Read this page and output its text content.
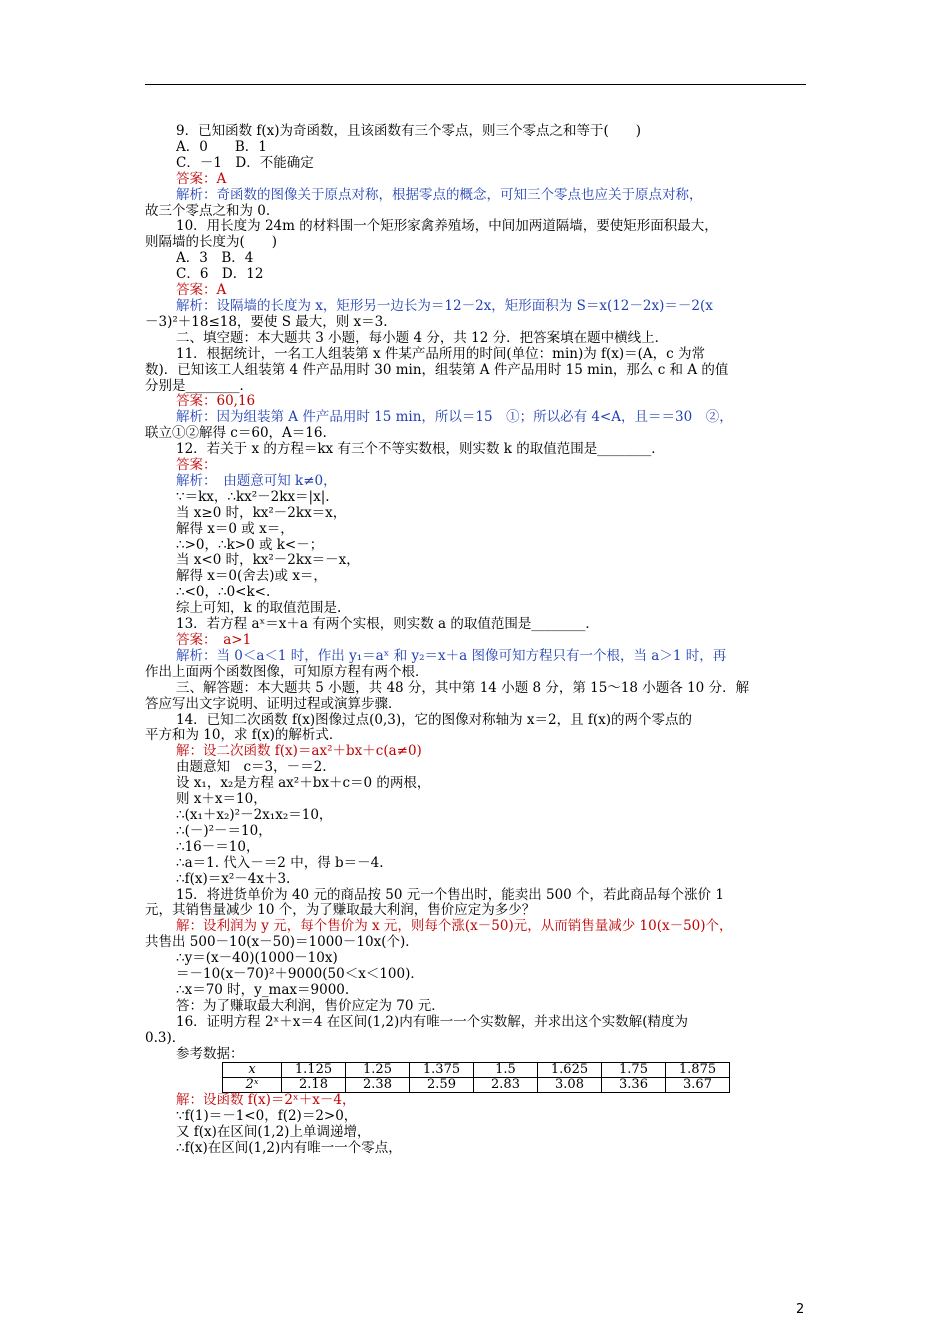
9．已知函数 f(x)为奇函数，且该函数有三个零点，则三个零点之和等于(　　)
A．0　　B．1
C．－1　D．不能确定
答案：A
解析：奇函数的图像关于原点对称，根据零点的概念，可知三个零点也应关于原点对称，
故三个零点之和为 0.
10．用长度为 24m 的材料围一个矩形家禽养殖场，中间加两道隔墙，要使矩形面积最大，
则隔墙的长度为(　　)
A．3　B．4
C．6　D．12
答案：A
解析：设隔墙的长度为 x，矩形另一边长为＝12－2x，矩形面积为 S＝x(12－2x)＝－2(x
－3)²＋18≤18，要使 S 最大，则 x＝3.
二、填空题：本大题共 3 小题，每小题 4 分，共 12 分．把答案填在题中横线上．
11．根据统计，一名工人组装第 x 件某产品所用的时间(单位：min)为 f(x)＝(A，c 为常
数)．已知该工人组装第 4 件产品用时 30 min，组装第 A 件产品用时 15 min，那么 c 和 A 的值
分别是________．
答案：60,16
解析：因为组装第 A 件产品用时 15 min，所以＝15　①；所以必有 4<A，且＝＝30　②，
联立①②解得 c＝60，A＝16.
12．若关于 x 的方程＝kx 有三个不等实数根，则实数 k 的取值范围是________．
答案：
解析：　由题意可知 k≠0，
∵＝kx，∴kx²－2kx＝|x|.
当 x≥0 时，kx²－2kx＝x，
解得 x＝0 或 x＝，
∴>0，∴k>0 或 k<－；
当 x<0 时，kx²－2kx＝－x，
解得 x＝0(舍去)或 x＝，
∴<0，∴0<k<.
综上可知，k 的取值范围是.
13．若方程 aˣ＝x＋a 有两个实根，则实数 a 的取值范围是________．
答案：　a>1
解析：当 0＜a＜1 时，作出 y₁＝aˣ 和 y₂＝x＋a 图像可知方程只有一个根，当 a＞1 时，再
作出上面两个函数图像，可知原方程有两个根．
三、解答题：本大题共 5 小题，共 48 分，其中第 14 小题 8 分，第 15～18 小题各 10 分．解
答应写出文字说明、证明过程或演算步骤．
14．已知二次函数 f(x)图像过点(0,3)，它的图像对称轴为 x＝2，且 f(x)的两个零点的
平方和为 10，求 f(x)的解析式．
解：设二次函数 f(x)＝ax²＋bx＋c(a≠0)
由题意知　c＝3，－＝2.
设 x₁，x₂是方程 ax²＋bx＋c＝0 的两根，
则 x＋x＝10，
∴(x₁＋x₂)²－2x₁x₂＝10，
∴(－)²－＝10，
∴16－＝10，
∴a＝1. 代入－＝2 中，得 b＝－4.
∴f(x)＝x²－4x＋3.
15．将进货单价为 40 元的商品按 50 元一个售出时，能卖出 500 个，若此商品每个涨价 1
元，其销售量减少 10 个，为了赚取最大利润，售价应定为多少？
解：设利润为 y 元，每个售价为 x 元，则每个涨(x－50)元，从而销售量减少 10(x－50)个，
共售出 500－10(x－50)＝1000－10x(个)．
∴y＝(x－40)(1000－10x)
＝－10(x－70)²＋9000(50＜x＜100)．
∴x＝70 时，y_max＝9000.
答：为了赚取最大利润，售价应定为 70 元．
16．证明方程 2ˣ＋x＝4 在区间(1,2)内有唯一一个实数解，并求出这个实数解(精度为
0.3)．
参考数据：
x	1.125	1.25	1.375	1.5	1.625	1.75	1.875
2ˣ	2.18	2.38	2.59	2.83	3.08	3.36	3.67
解：设函数 f(x)＝2ˣ＋x－4，
∵f(1)＝－1<0，f(2)＝2>0，
又 f(x)在区间(1,2)上单调递增，
∴f(x)在区间(1,2)内有唯一一个零点，
2
